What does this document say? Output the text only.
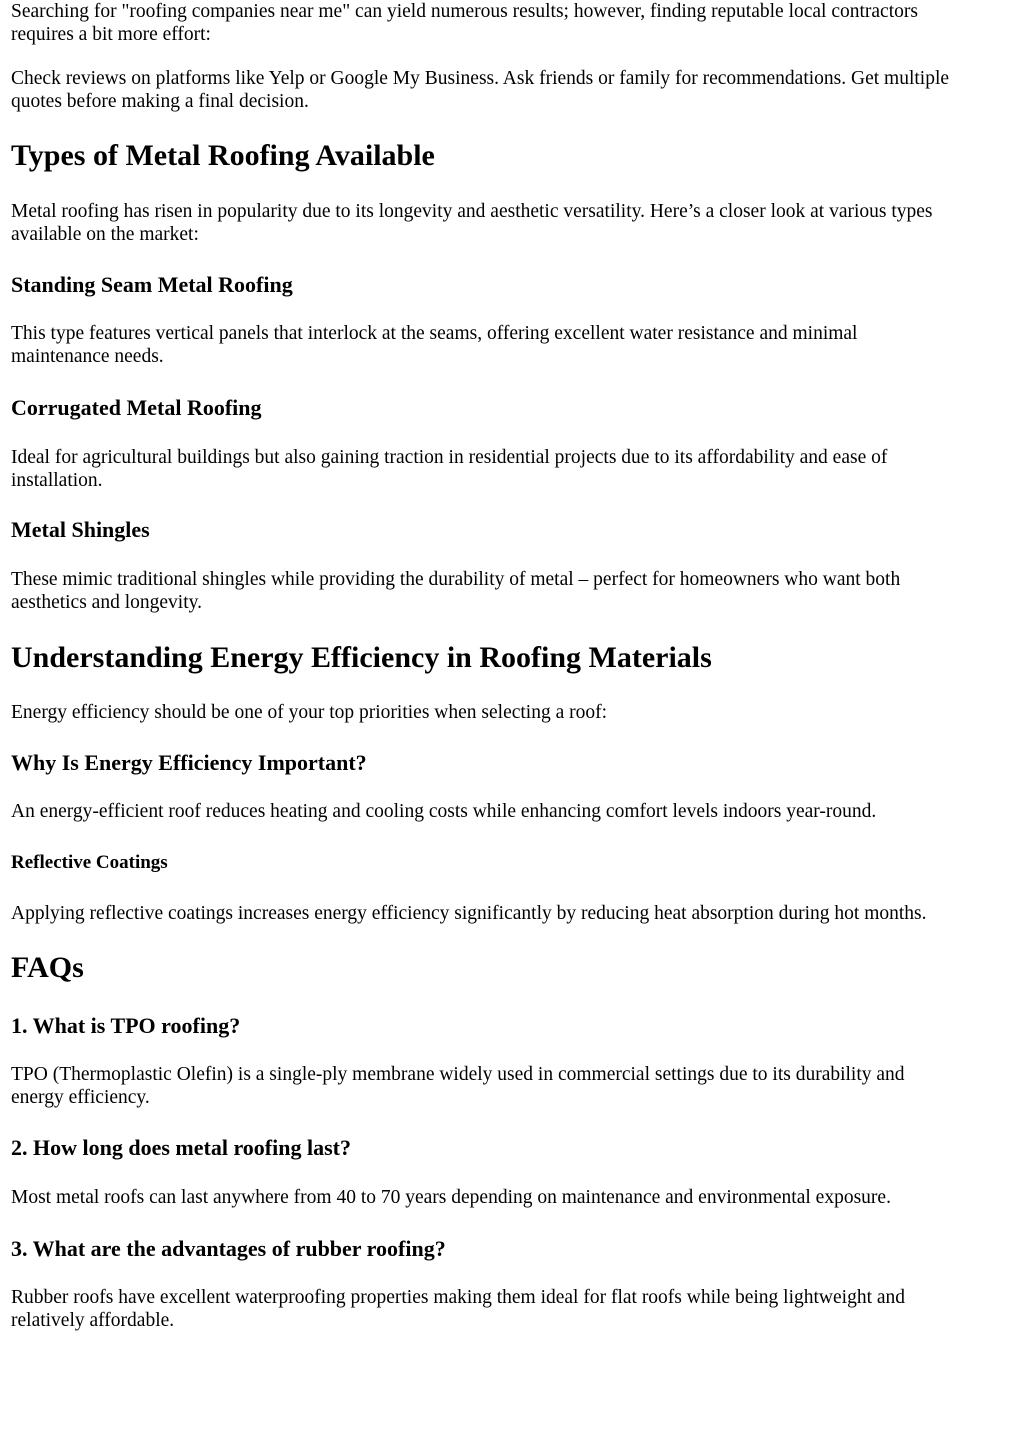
Searching for "roofing companies near me" can yield numerous results; however, finding reputable local contractors

requires a bit more effort:

Check reviews on platforms like Yelp or Google My Business. Ask friends or family for recommendations. Get multiple

quotes before making a final decision.

Types of Metal Roofing Available

Metal roofing has risen in popularity due to its longevity and aesthetic versatility. Here’s a closer look at various types

available on the market:

Standing Seam Metal Roofing

This type features vertical panels that interlock at the seams, offering excellent water resistance and minimal

maintenance needs.

Corrugated Metal Roofing

Ideal for agricultural buildings but also gaining traction in residential projects due to its affordability and ease of

installation.

Metal Shingles

These mimic traditional shingles while providing the durability of metal – perfect for homeowners who want both

aesthetics and longevity.

Understanding Energy Efficiency in Roofing Materials

Energy efficiency should be one of your top priorities when selecting a roof:

Why Is Energy Efficiency Important?

An energy-efficient roof reduces heating and cooling costs while enhancing comfort levels indoors year-round.

Reflective Coatings

Applying reflective coatings increases energy efficiency significantly by reducing heat absorption during hot months.

FAQs
1. What is TPO roofing?

TPO (Thermoplastic Olefin) is a single-ply membrane widely used in commercial settings due to its durability and

energy efficiency.

2. How long does metal roofing last?

Most metal roofs can last anywhere from 40 to 70 years depending on maintenance and environmental exposure.

3. What are the advantages of rubber roofing?

Rubber roofs have excellent waterproofing properties making them ideal for flat roofs while being lightweight and

relatively affordable.
